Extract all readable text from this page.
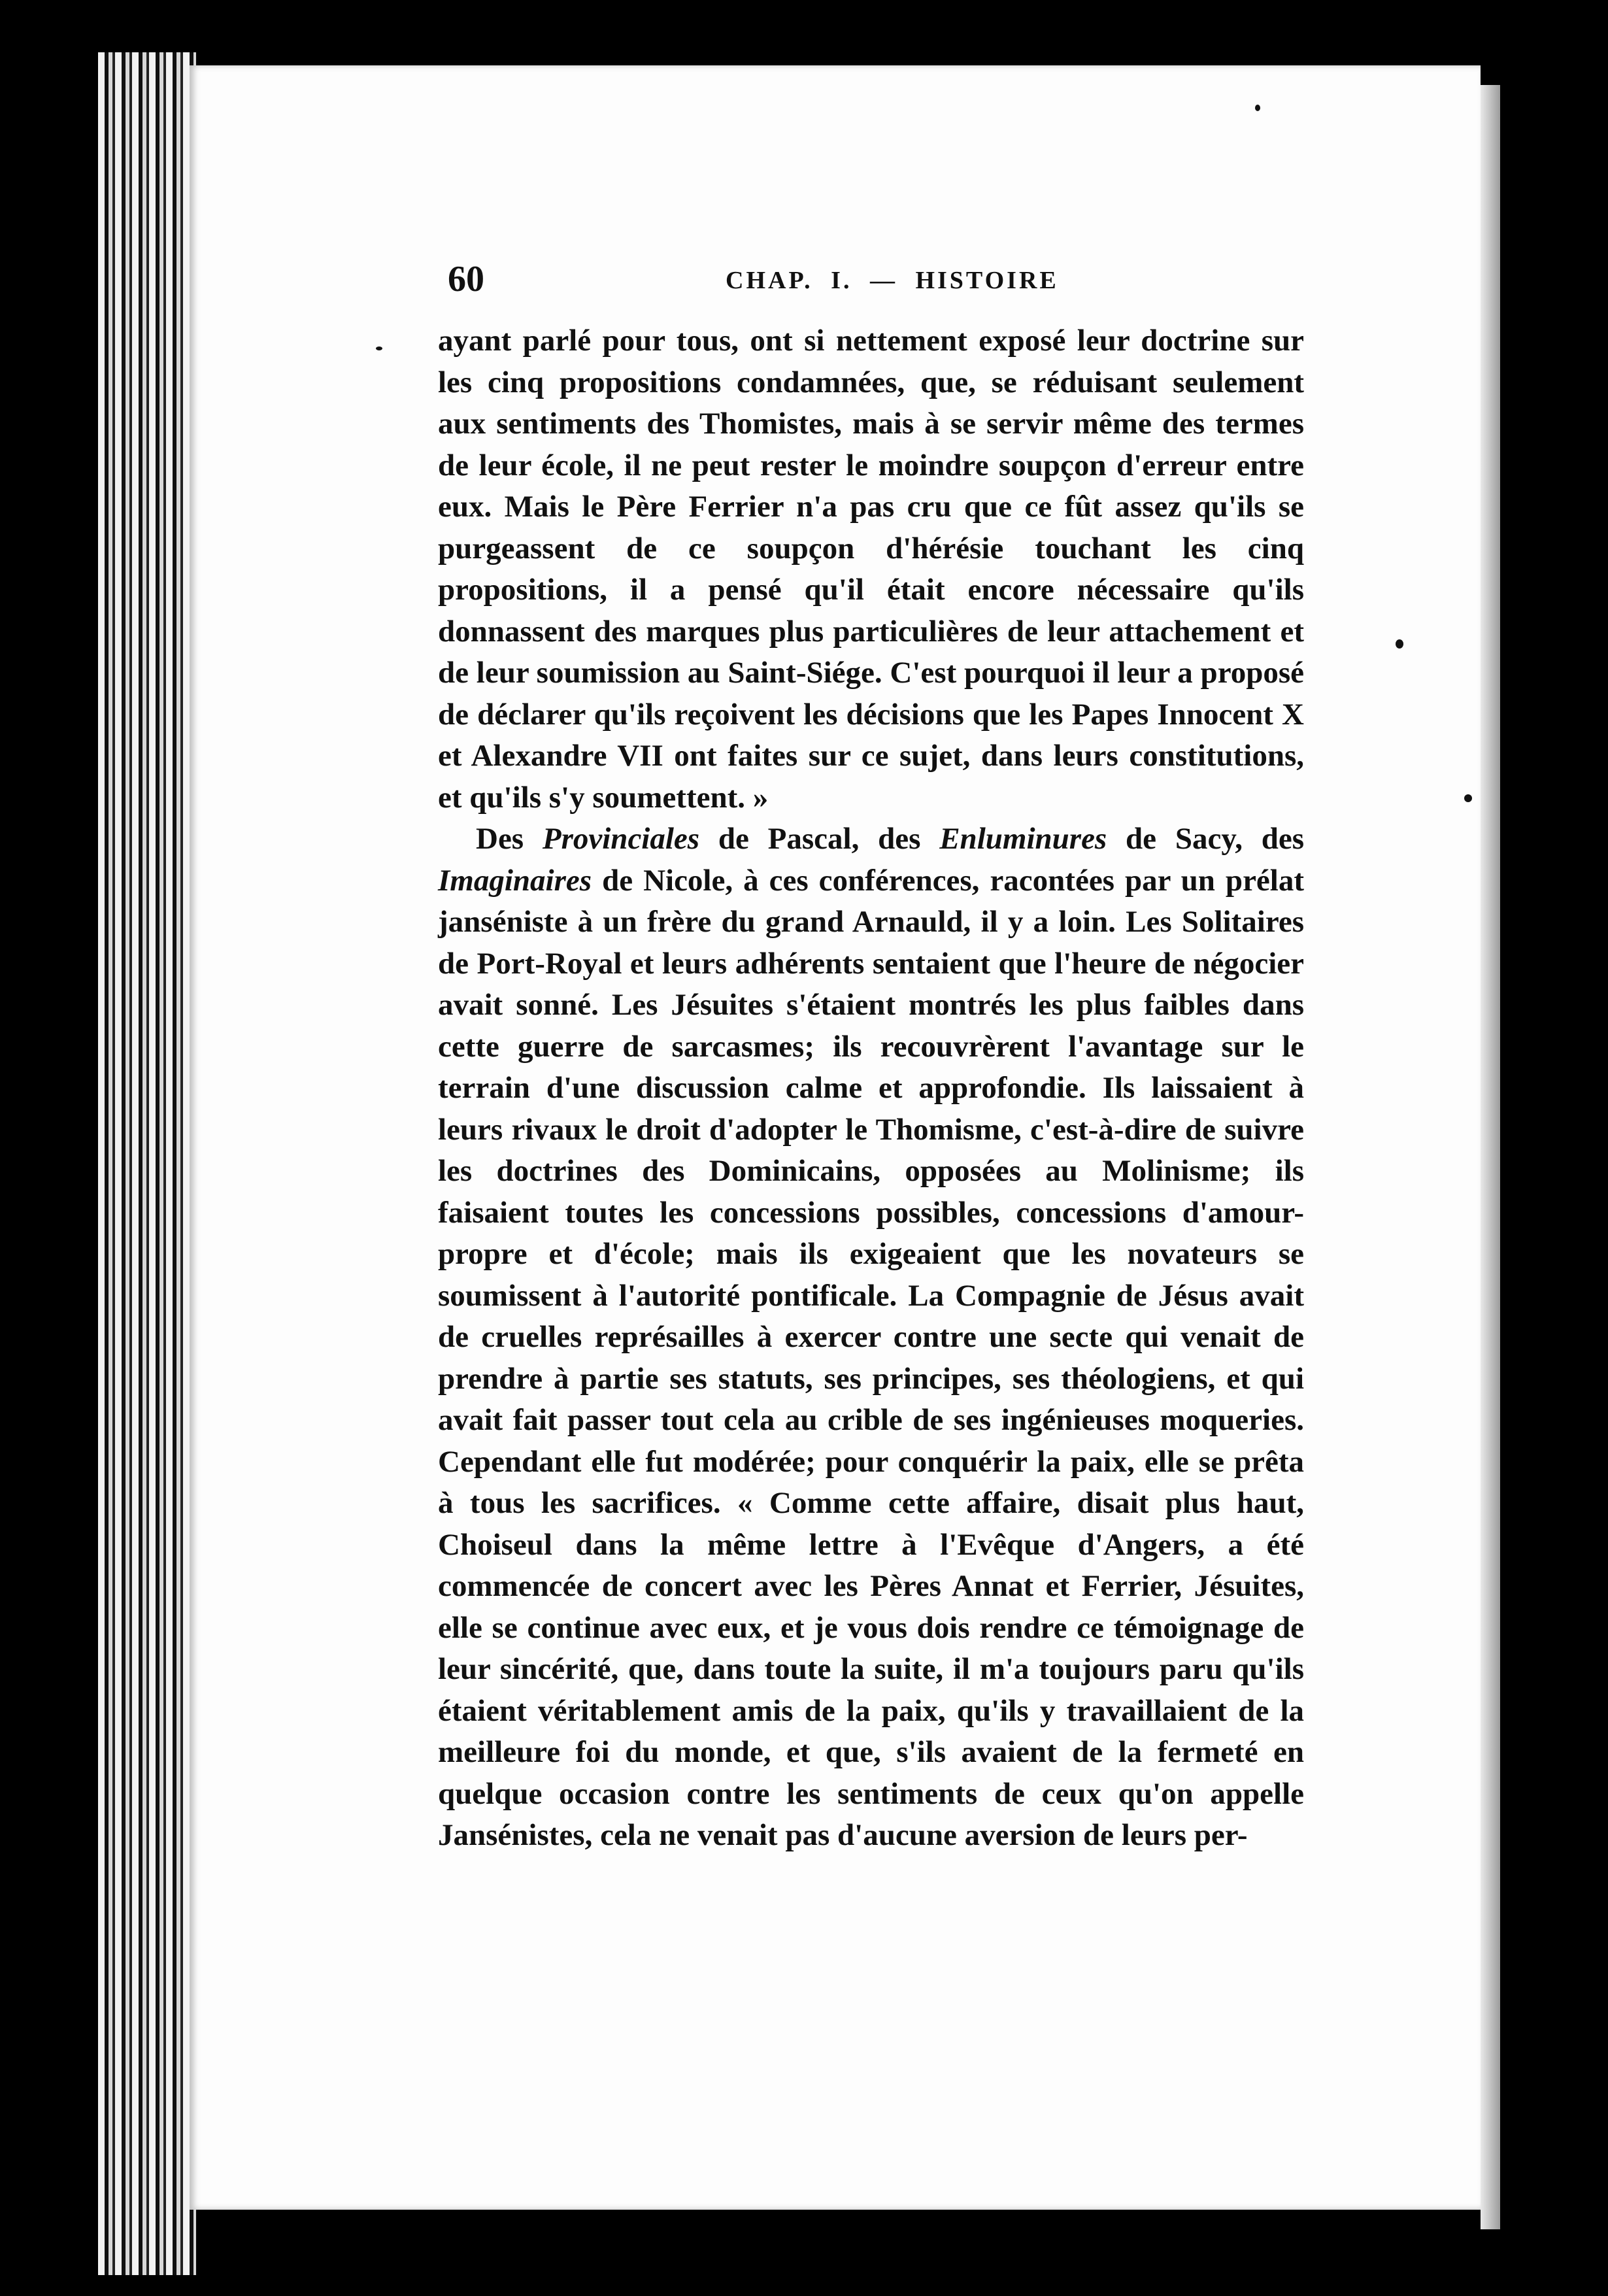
60	CHAP. I. — HISTOIRE

ayant parlé pour tous, ont si nettement exposé leur doctrine sur les cinq propositions condamnées, que, se réduisant seulement aux sentiments des Thomistes, mais à se servir même des termes de leur école, il ne peut rester le moindre soupçon d'erreur entre eux. Mais le Père Ferrier n'a pas cru que ce fût assez qu'ils se purgeassent de ce soupçon d'hérésie touchant les cinq propositions, il a pensé qu'il était encore nécessaire qu'ils donnassent des marques plus particulières de leur attachement et de leur soumission au Saint-Siége. C'est pourquoi il leur a proposé de déclarer qu'ils reçoivent les décisions que les Papes Innocent X et Alexandre VII ont faites sur ce sujet, dans leurs constitutions, et qu'ils s'y soumettent. »

Des Provinciales de Pascal, des Enluminures de Sacy, des Imaginaires de Nicole, à ces conférences, racontées par un prélat janséniste à un frère du grand Arnauld, il y a loin. Les Solitaires de Port-Royal et leurs adhérents sentaient que l'heure de négocier avait sonné. Les Jésuites s'étaient montrés les plus faibles dans cette guerre de sarcasmes; ils recouvrèrent l'avantage sur le terrain d'une discussion calme et approfondie. Ils laissaient à leurs rivaux le droit d'adopter le Thomisme, c'est-à-dire de suivre les doctrines des Dominicains, opposées au Molinisme; ils faisaient toutes les concessions possibles, concessions d'amour-propre et d'école; mais ils exigeaient que les novateurs se soumissent à l'autorité pontificale. La Compagnie de Jésus avait de cruelles représailles à exercer contre une secte qui venait de prendre à partie ses statuts, ses principes, ses théologiens, et qui avait fait passer tout cela au crible de ses ingénieuses moqueries. Cependant elle fut modérée; pour conquérir la paix, elle se prêta à tous les sacrifices. « Comme cette affaire, disait plus haut, Choiseul dans la même lettre à l'Evêque d'Angers, a été commencée de concert avec les Pères Annat et Ferrier, Jésuites, elle se continue avec eux, et je vous dois rendre ce témoignage de leur sincérité, que, dans toute la suite, il m'a toujours paru qu'ils étaient véritablement amis de la paix, qu'ils y travaillaient de la meilleure foi du monde, et que, s'ils avaient de la fermeté en quelque occasion contre les sentiments de ceux qu'on appelle Jansénistes, cela ne venait pas d'aucune aversion de leurs per-
